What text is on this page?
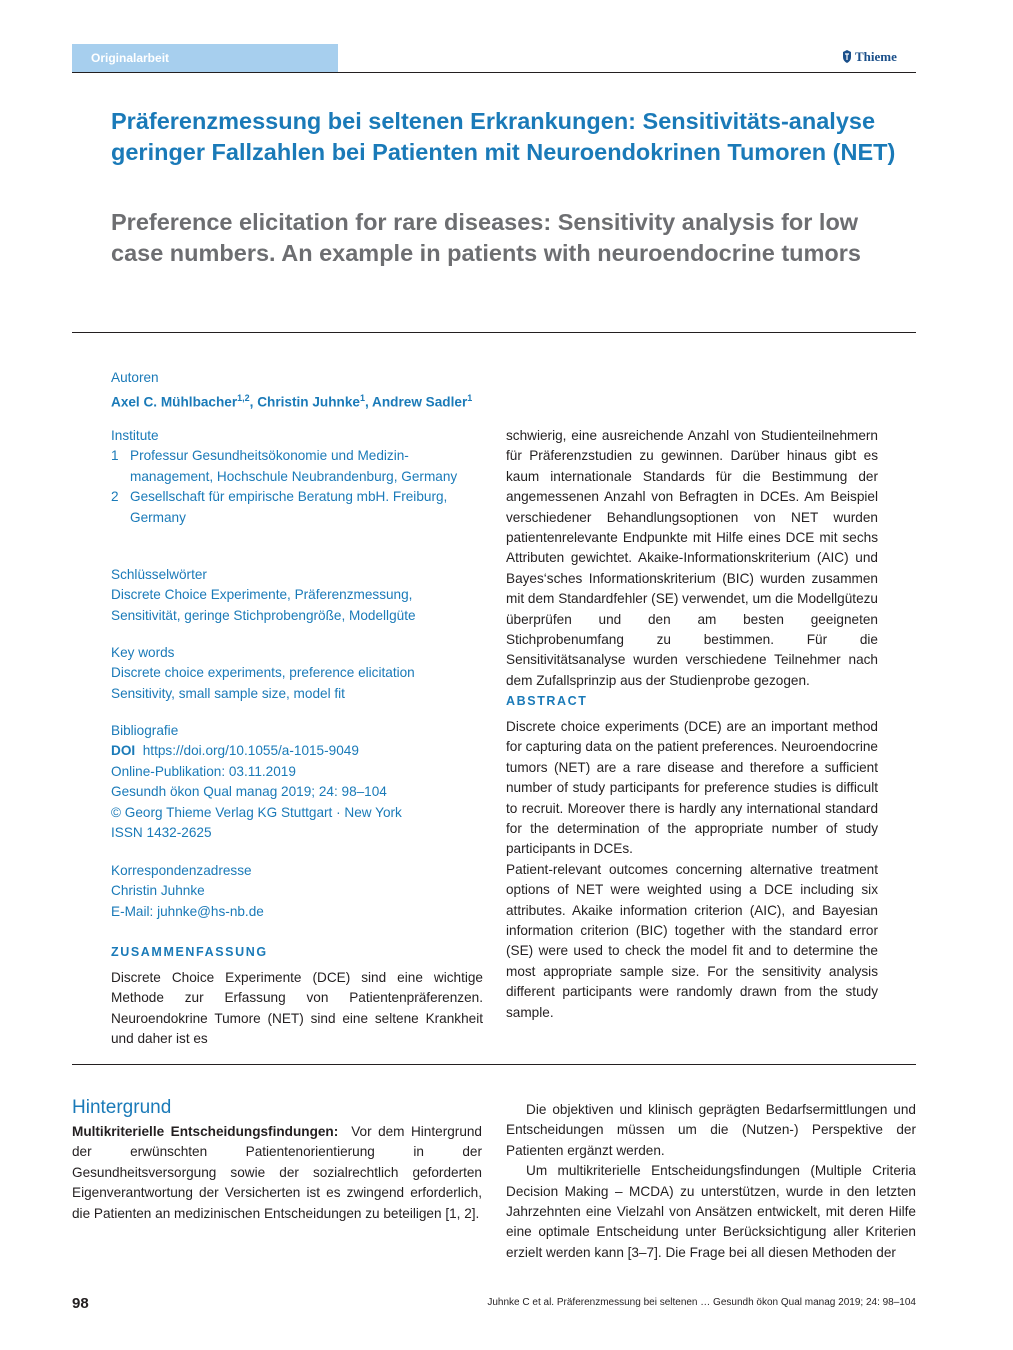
Originalarbeit	Thieme
Präferenzmessung bei seltenen Erkrankungen: Sensitivitäts-analyse geringer Fallzahlen bei Patienten mit Neuroendokrinen Tumoren (NET)
Preference elicitation for rare diseases: Sensitivity analysis for low case numbers. An example in patients with neuroendocrine tumors
Autoren
Axel C. Mühlbacher$^{1,2}$, Christin Juhnke$^1$, Andrew Sadler$^1$
Institute
1 Professur Gesundheitsökonomie und Medizin-management, Hochschule Neubrandenburg, Germany
2 Gesellschaft für empirische Beratung mbH. Freiburg, Germany
Schlüsselwörter
Discrete Choice Experimente, Präferenzmessung, Sensitivität, geringe Stichprobengröße, Modellgüte
Key words
Discrete choice experiments, preference elicitation
Sensitivity, small sample size, model fit
Bibliografie
DOI https://doi.org/10.1055/a-1015-9049
Online-Publikation: 03.11.2019
Gesundh ökon Qual manag 2019; 24: 98–104
© Georg Thieme Verlag KG Stuttgart · New York
ISSN 1432-2625
Korrespondenzadresse
Christin Juhnke
E-Mail: juhnke@hs-nb.de
ZUSAMMENFASSUNG
Discrete Choice Experimente (DCE) sind eine wichtige Methode zur Erfassung von Patientenpräferenzen. Neuroendokrine Tumore (NET) sind eine seltene Krankheit und daher ist es
schwierig, eine ausreichende Anzahl von Studienteilnehmern für Präferenzstudien zu gewinnen. Darüber hinaus gibt es kaum internationale Standards für die Bestimmung der angemessenen Anzahl von Befragten in DCEs. Am Beispiel verschiedener Behandlungsoptionen von NET wurden patientenrelevante Endpunkte mit Hilfe eines DCE mit sechs Attributen gewichtet. Akaike-Informationskriterium (AIC) und Bayes‘sches Informationskriterium (BIC) wurden zusammen mit dem Standardfehler (SE) verwendet, um die Modellgütezu überprüfen und den am besten geeigneten Stichprobenumfang zu bestimmen. Für die Sensitivitätsanalyse wurden verschiedene Teilnehmer nach dem Zufallsprinzip aus der Studienprobe gezogen.
ABSTRACT

Discrete choice experiments (DCE) are an important method for capturing data on the patient preferences. Neuroendocrine tumors (NET) are a rare disease and therefore a sufficient number of study participants for preference studies is difficult to recruit. Moreover there is hardly any international standard for the determination of the appropriate number of study participants in DCEs.

Patient-relevant outcomes concerning alternative treatment options of NET were weighted using a DCE including six attributes. Akaike information criterion (AIC), and Bayesian information criterion (BIC) together with the standard error (SE) were used to check the model fit and to determine the most appropriate sample size. For the sensitivity analysis different participants were randomly drawn from the study sample.

Hintergrund
Multikriterielle Entscheidungsfindungen: Vor dem Hintergrund der erwünschten Patientenorientierung in der Gesundheitsversorgung sowie der sozialrechtlich geforderten Eigenverantwortung der Versicherten ist es zwingend erforderlich, die Patienten an medizinischen Entscheidungen zu beteiligen [1, 2].

Die objektiven und klinisch geprägten Bedarfsermittlungen und Entscheidungen müssen um die (Nutzen-) Perspektive der Patienten ergänzt werden.

Um multikriterielle Entscheidungsfindungen (Multiple Criteria Decision Making – MCDA) zu unterstützen, wurde in den letzten Jahrzehnten eine Vielzahl von Ansätzen entwickelt, mit deren Hilfe eine optimale Entscheidung unter Berücksichtigung aller Kriterien erzielt werden kann [3–7]. Die Frage bei all diesen Methoden der

98	Juhnke C et al. Präferenzmessung bei seltenen … Gesundh ökon Qual manag 2019; 24: 98–104
